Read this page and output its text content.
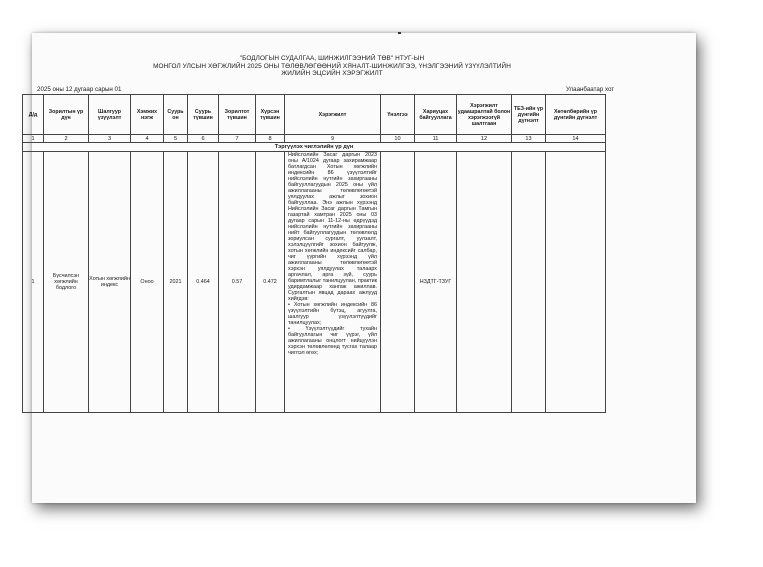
"БОДЛОГЫН СУДАЛГАА, ШИНЖИЛГЭЭНИЙ ТӨВ" НТУГ-ЫН
МОНГОЛ УЛСЫН ХӨГЖЛИЙН 2025 ОНЫ ТӨЛӨВЛӨГӨӨНИЙ ХЯНАЛТ-ШИНЖИЛГЭЭ, ҮНЭЛГЭЭНИЙ ҮЗҮҮЛЭЛТИЙН
ЖИЛИЙН ЭЦСИЙН ХЭРЭГЖИЛТ
2025 оны 12 дугаар сарын 01	Улаанбаатар хот
Д/д	Зорилтын үр дүн	Шалгуур үзүүлэлт	Хэмжих нэгж	Суурь он	Суурь түвшин	Зорилтот түвшин	Хүрсэн түвшин	Хэрэгжилт	Үнэлгээ	Хариуцах байгууллага	Хэрэгжилт удаашралтай болон хэрэгжээгүй шалтгаан	ТЕЗ-ийн үр дүнгийн дүгнэлт	Хөтөлбөрийн үр дүнгийн дүгнэлт
1	2	3	4	5	6	7	8	9	10	11	12	13	14
Тэргүүлэх чиглэлийн үр дүн													
1	Бүсчилсэн хөгжлийн бодлого	Хотын хөгжлийн индекс	Оноо	2021	0.464	0.57	0.472	Нийслэлийн Засаг даргын 2023 оны А/1024 дугаар захирамжаар батлагдсан Хотын хөгжлийн индексийн 86 үзүүлэлтийг нийслэлийн нутгийн захиргааны байгууллагуудын 2025 оны үйл ажиллагааны төлөвлөгөөтэй уялдуулах ажлыг зохион байгууллаа. Энэ ажлын хүрээнд Нийслэлийн Засаг даргын Тамгын газартай хамтран 2025 оны 03 дугаар сарын 11-12-ны өдрүүдэд нийслэлийн нутгийн захиргааны нийт байгууллагуудын төлөвлөлд зориулсан сургалт, уулзалт, хэлэлцүүлгийг зохион байгуулж, хотын хөгжлийн индексийг салбар, чиг үүргийн хүрээнд үйл ажиллагааны төлөвлөгөөтэй хэрхэн уялдуулах талаарх аргачлал, арга зүй, суурь баримтлалыг танилцуулан, практик удирдамжаар хангаж ажиллав. Сургалтын явцад дараах ажлууд хийгдэв:
• Хотын хөгжлийн индексийн 86 үзүүлэлтийн бүтэц, агуулга, шалгуур үзүүлэлтүүдийг танилцуулах;
• Үзүүлэлтүүдийг тухайн байгууллагын чиг үүрэг, үйл ажиллагааны онцлогт нийцүүлэн хэрхэн төлөвлөлөнд тусгах талаар чиглэл өгөх;		НЗДТГ-ТЗУГ			
